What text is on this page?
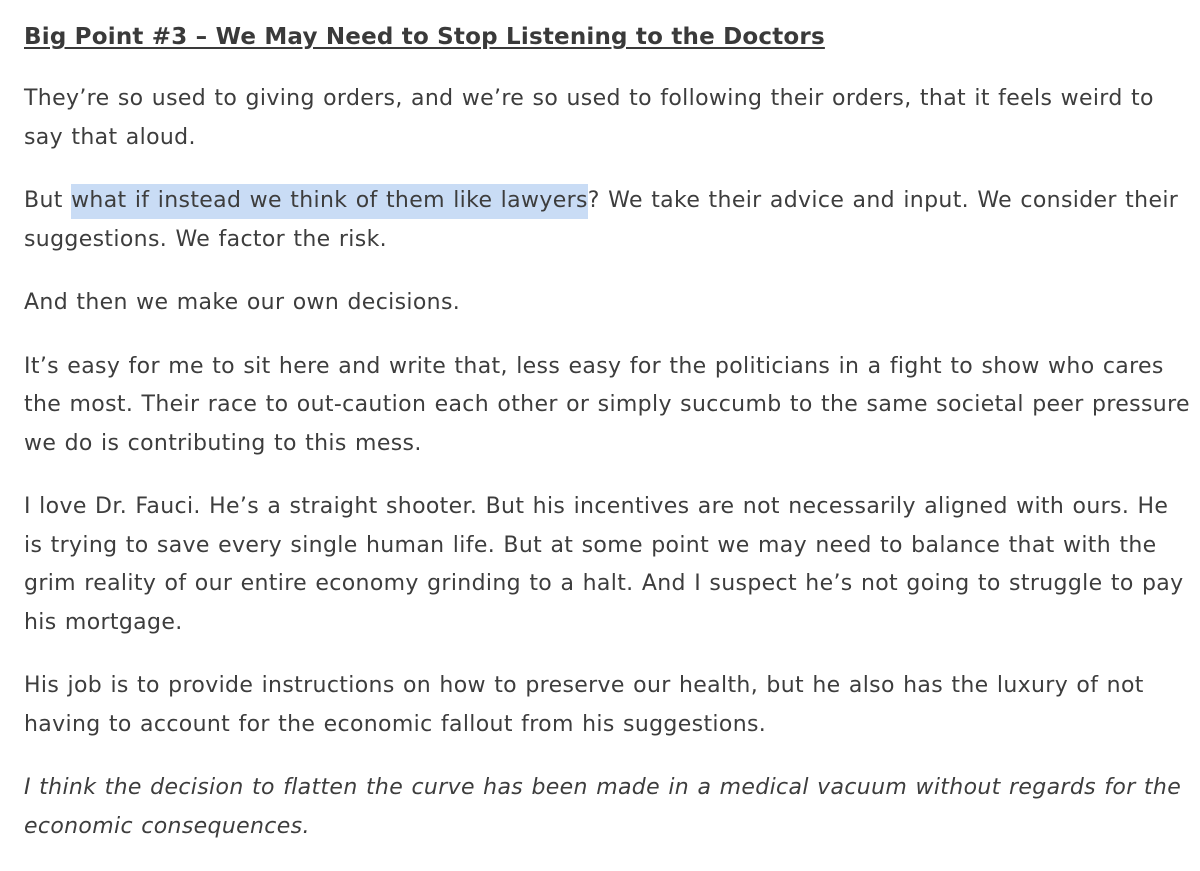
Big Point #3 – We May Need to Stop Listening to the Doctors

They’re so used to giving orders, and we’re so used to following their orders, that it feels weird to say that aloud.

But what if instead we think of them like lawyers? We take their advice and input. We consider their suggestions. We factor the risk.

And then we make our own decisions.

It’s easy for me to sit here and write that, less easy for the politicians in a fight to show who cares the most. Their race to out-caution each other or simply succumb to the same societal peer pressure we do is contributing to this mess.

I love Dr. Fauci. He’s a straight shooter. But his incentives are not necessarily aligned with ours. He is trying to save every single human life. But at some point we may need to balance that with the grim reality of our entire economy grinding to a halt. And I suspect he’s not going to struggle to pay his mortgage.

His job is to provide instructions on how to preserve our health, but he also has the luxury of not having to account for the economic fallout from his suggestions.

I think the decision to flatten the curve has been made in a medical vacuum without regards for the economic consequences.
